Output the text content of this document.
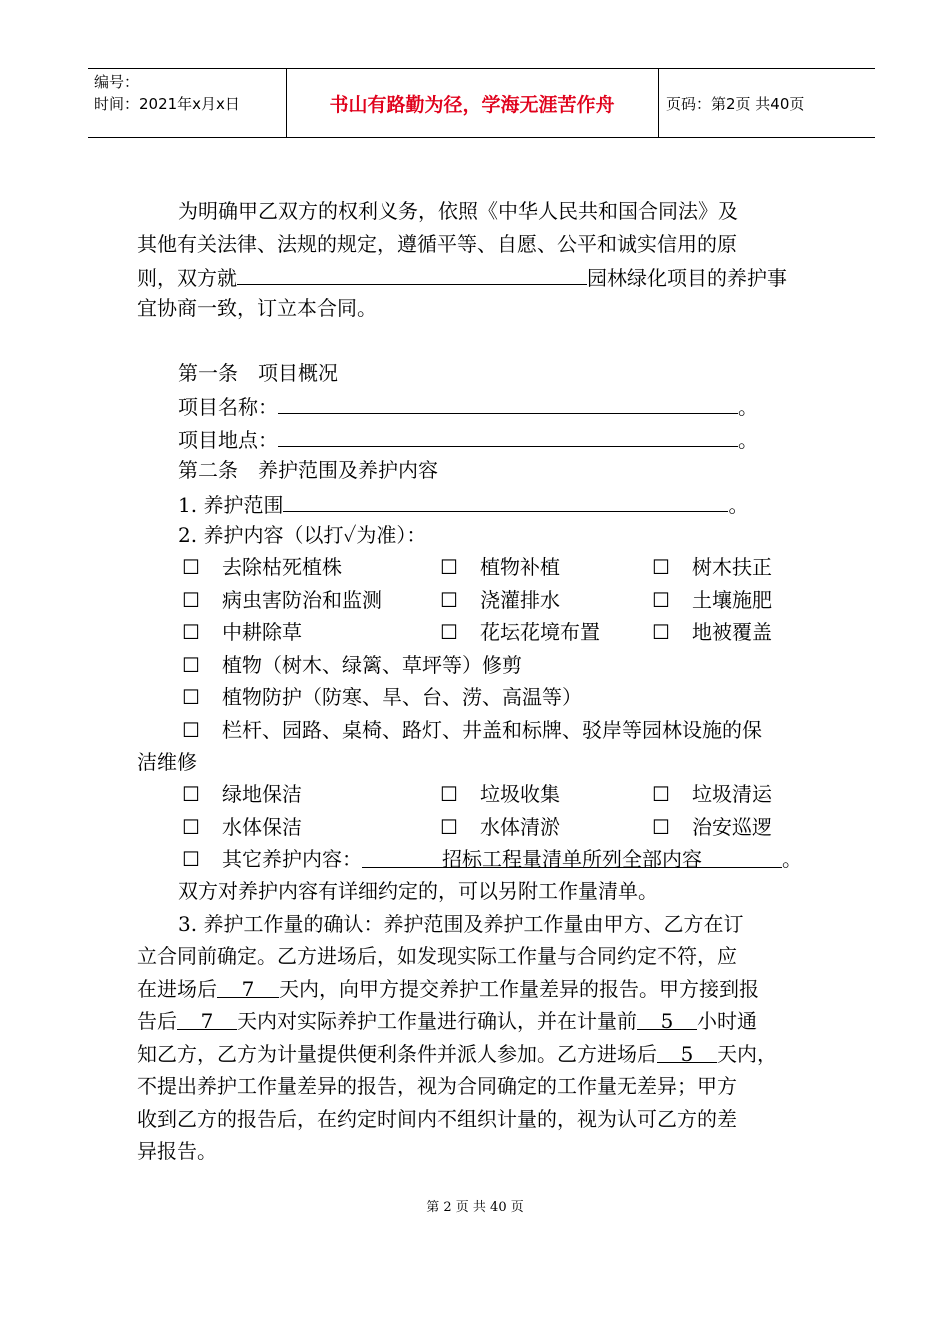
编号：
时间：2021年x月x日	书山有路勤为径，学海无涯苦作舟	页码：第2页 共40页
为明确甲乙双方的权利义务，依照《中华人民共和国合同法》及
其他有关法律、法规的规定，遵循平等、自愿、公平和诚实信用的原
则，双方就	园林绿化项目的养护事
宜协商一致，订立本合同。
第一条　项目概况
项目名称：	。
项目地点：	。
第二条　养护范围及养护内容
1. 养护范围	。
2. 养护内容（以打✓为准）：
☐ 去除枯死植株	☐ 植物补植	☐ 树木扶正
☐ 病虫害防治和监测	☐ 浇灌排水	☐ 土壤施肥
☐ 中耕除草	☐ 花坛花境布置	☐ 地被覆盖
☐ 植物（树木、绿篱、草坪等）修剪
☐ 植物防护（防寒、旱、台、涝、高温等）
☐ 栏杆、园路、桌椅、路灯、井盖和标牌、驳岸等园林设施的保
洁维修
☐ 绿地保洁	☐ 垃圾收集	☐ 垃圾清运
☐ 水体保洁	☐ 水体清淤	☐ 治安巡逻
☐ 其它养护内容：	招标工程量清单所列全部内容	。
双方对养护内容有详细约定的，可以另附工作量清单。
3. 养护工作量的确认：养护范围及养护工作量由甲方、乙方在订
立合同前确定。乙方进场后，如发现实际工作量与合同约定不符，应
在进场后 7 天内，向甲方提交养护工作量差异的报告。甲方接到报
告后 7 天内对实际养护工作量进行确认，并在计量前 5 小时通
知乙方，乙方为计量提供便利条件并派人参加。乙方进场后 5 天内，
不提出养护工作量差异的报告，视为合同确定的工作量无差异；甲方
收到乙方的报告后，在约定时间内不组织计量的，视为认可乙方的差
异报告。
第 2 页 共 40 页
